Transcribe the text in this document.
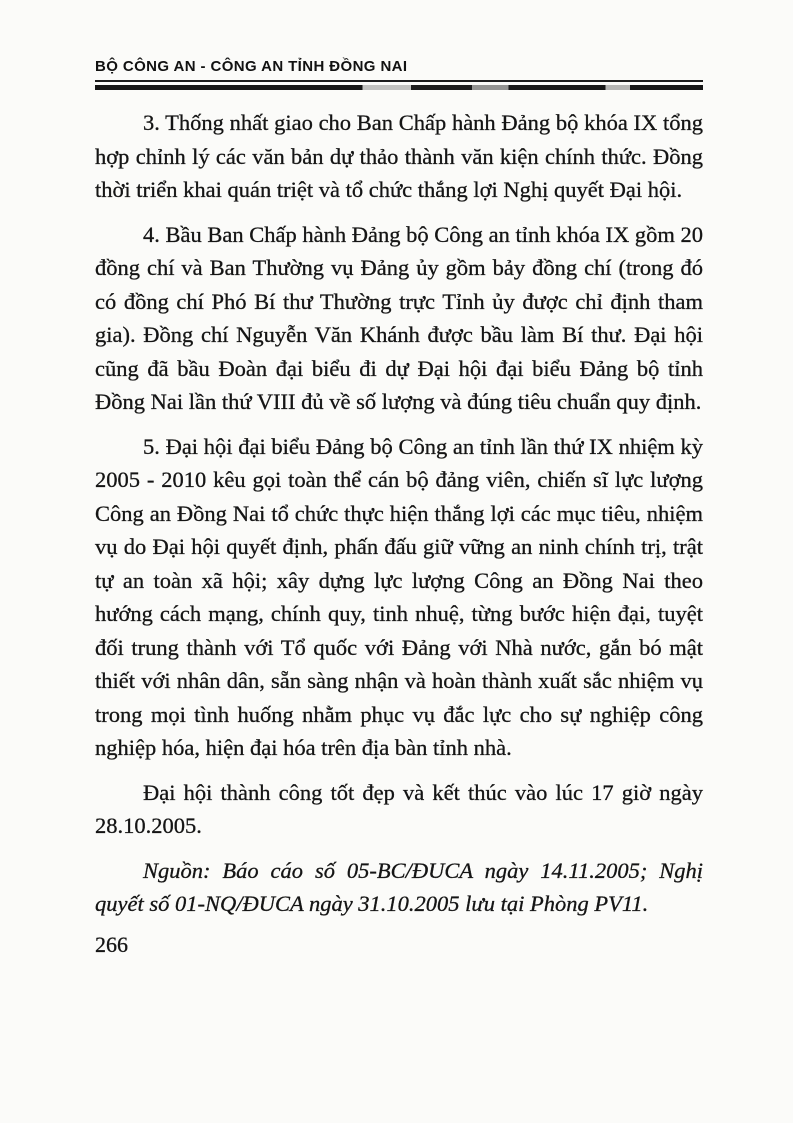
BỘ CÔNG AN - CÔNG AN TỈNH ĐỒNG NAI

3. Thống nhất giao cho Ban Chấp hành Đảng bộ khóa IX tổng hợp chỉnh lý các văn bản dự thảo thành văn kiện chính thức. Đồng thời triển khai quán triệt và tổ chức thắng lợi Nghị quyết Đại hội.

4. Bầu Ban Chấp hành Đảng bộ Công an tỉnh khóa IX gồm 20 đồng chí và Ban Thường vụ Đảng ủy gồm bảy đồng chí (trong đó có đồng chí Phó Bí thư Thường trực Tỉnh ủy được chỉ định tham gia). Đồng chí Nguyễn Văn Khánh được bầu làm Bí thư. Đại hội cũng đã bầu Đoàn đại biểu đi dự Đại hội đại biểu Đảng bộ tỉnh Đồng Nai lần thứ VIII đủ về số lượng và đúng tiêu chuẩn quy định.

5. Đại hội đại biểu Đảng bộ Công an tỉnh lần thứ IX nhiệm kỳ 2005 - 2010 kêu gọi toàn thể cán bộ đảng viên, chiến sĩ lực lượng Công an Đồng Nai tổ chức thực hiện thắng lợi các mục tiêu, nhiệm vụ do Đại hội quyết định, phấn đấu giữ vững an ninh chính trị, trật tự an toàn xã hội; xây dựng lực lượng Công an Đồng Nai theo hướng cách mạng, chính quy, tinh nhuệ, từng bước hiện đại, tuyệt đối trung thành với Tổ quốc với Đảng với Nhà nước, gắn bó mật thiết với nhân dân, sẵn sàng nhận và hoàn thành xuất sắc nhiệm vụ trong mọi tình huống nhằm phục vụ đắc lực cho sự nghiệp công nghiệp hóa, hiện đại hóa trên địa bàn tỉnh nhà.

Đại hội thành công tốt đẹp và kết thúc vào lúc 17 giờ ngày 28.10.2005.

Nguồn: Báo cáo số 05-BC/ĐUCA ngày 14.11.2005; Nghị quyết số 01-NQ/ĐUCA ngày 31.10.2005 lưu tại Phòng PV11.

266
